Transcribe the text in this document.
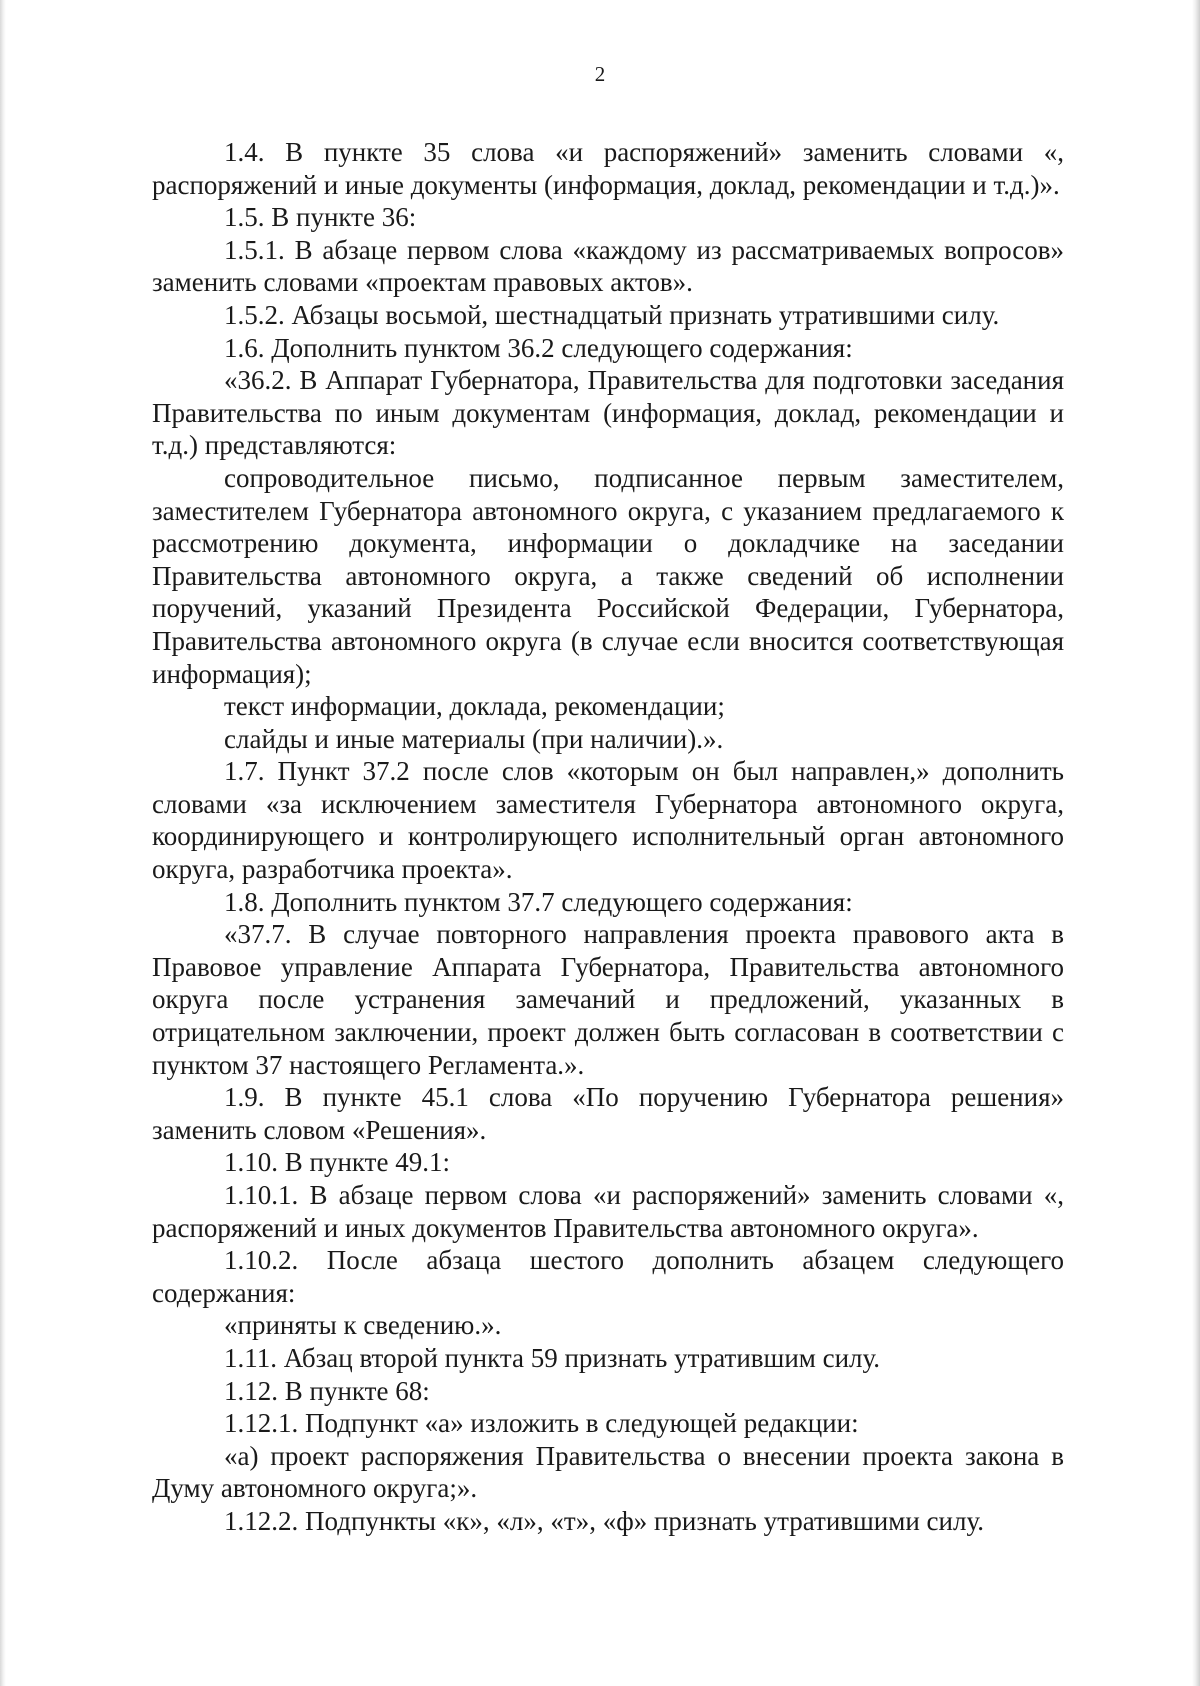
2

1.4. В пункте 35 слова «и распоряжений» заменить словами «, распоряжений и иные документы (информация, доклад, рекомендации и т.д.)».

1.5. В пункте 36:

1.5.1. В абзаце первом слова «каждому из рассматриваемых вопросов» заменить словами «проектам правовых актов».

1.5.2. Абзацы восьмой, шестнадцатый признать утратившими силу.

1.6. Дополнить пунктом 36.2 следующего содержания:

«36.2. В Аппарат Губернатора, Правительства для подготовки заседания Правительства по иным документам (информация, доклад, рекомендации и т.д.) представляются:

сопроводительное письмо, подписанное первым заместителем, заместителем Губернатора автономного округа, с указанием предлагаемого к рассмотрению документа, информации о докладчике на заседании Правительства автономного округа, а также сведений об исполнении поручений, указаний Президента Российской Федерации, Губернатора, Правительства автономного округа (в случае если вносится соответствующая информация);

текст информации, доклада, рекомендации;

слайды и иные материалы (при наличии).».

1.7. Пункт 37.2 после слов «которым он был направлен,» дополнить словами «за исключением заместителя Губернатора автономного округа, координирующего и контролирующего исполнительный орган автономного округа, разработчика проекта».

1.8. Дополнить пунктом 37.7 следующего содержания:

«37.7. В случае повторного направления проекта правового акта в Правовое управление Аппарата Губернатора, Правительства автономного округа после устранения замечаний и предложений, указанных в отрицательном заключении, проект должен быть согласован в соответствии с пунктом 37 настоящего Регламента.».

1.9. В пункте 45.1 слова «По поручению Губернатора решения» заменить словом «Решения».

1.10. В пункте 49.1:

1.10.1. В абзаце первом слова «и распоряжений» заменить словами «, распоряжений и иных документов Правительства автономного округа».

1.10.2. После абзаца шестого дополнить абзацем следующего содержания:

«приняты к сведению.».

1.11. Абзац второй пункта 59 признать утратившим силу.

1.12. В пункте 68:

1.12.1. Подпункт «а» изложить в следующей редакции:

«а) проект распоряжения Правительства о внесении проекта закона в Думу автономного округа;».

1.12.2. Подпункты «к», «л», «т», «ф» признать утратившими силу.
